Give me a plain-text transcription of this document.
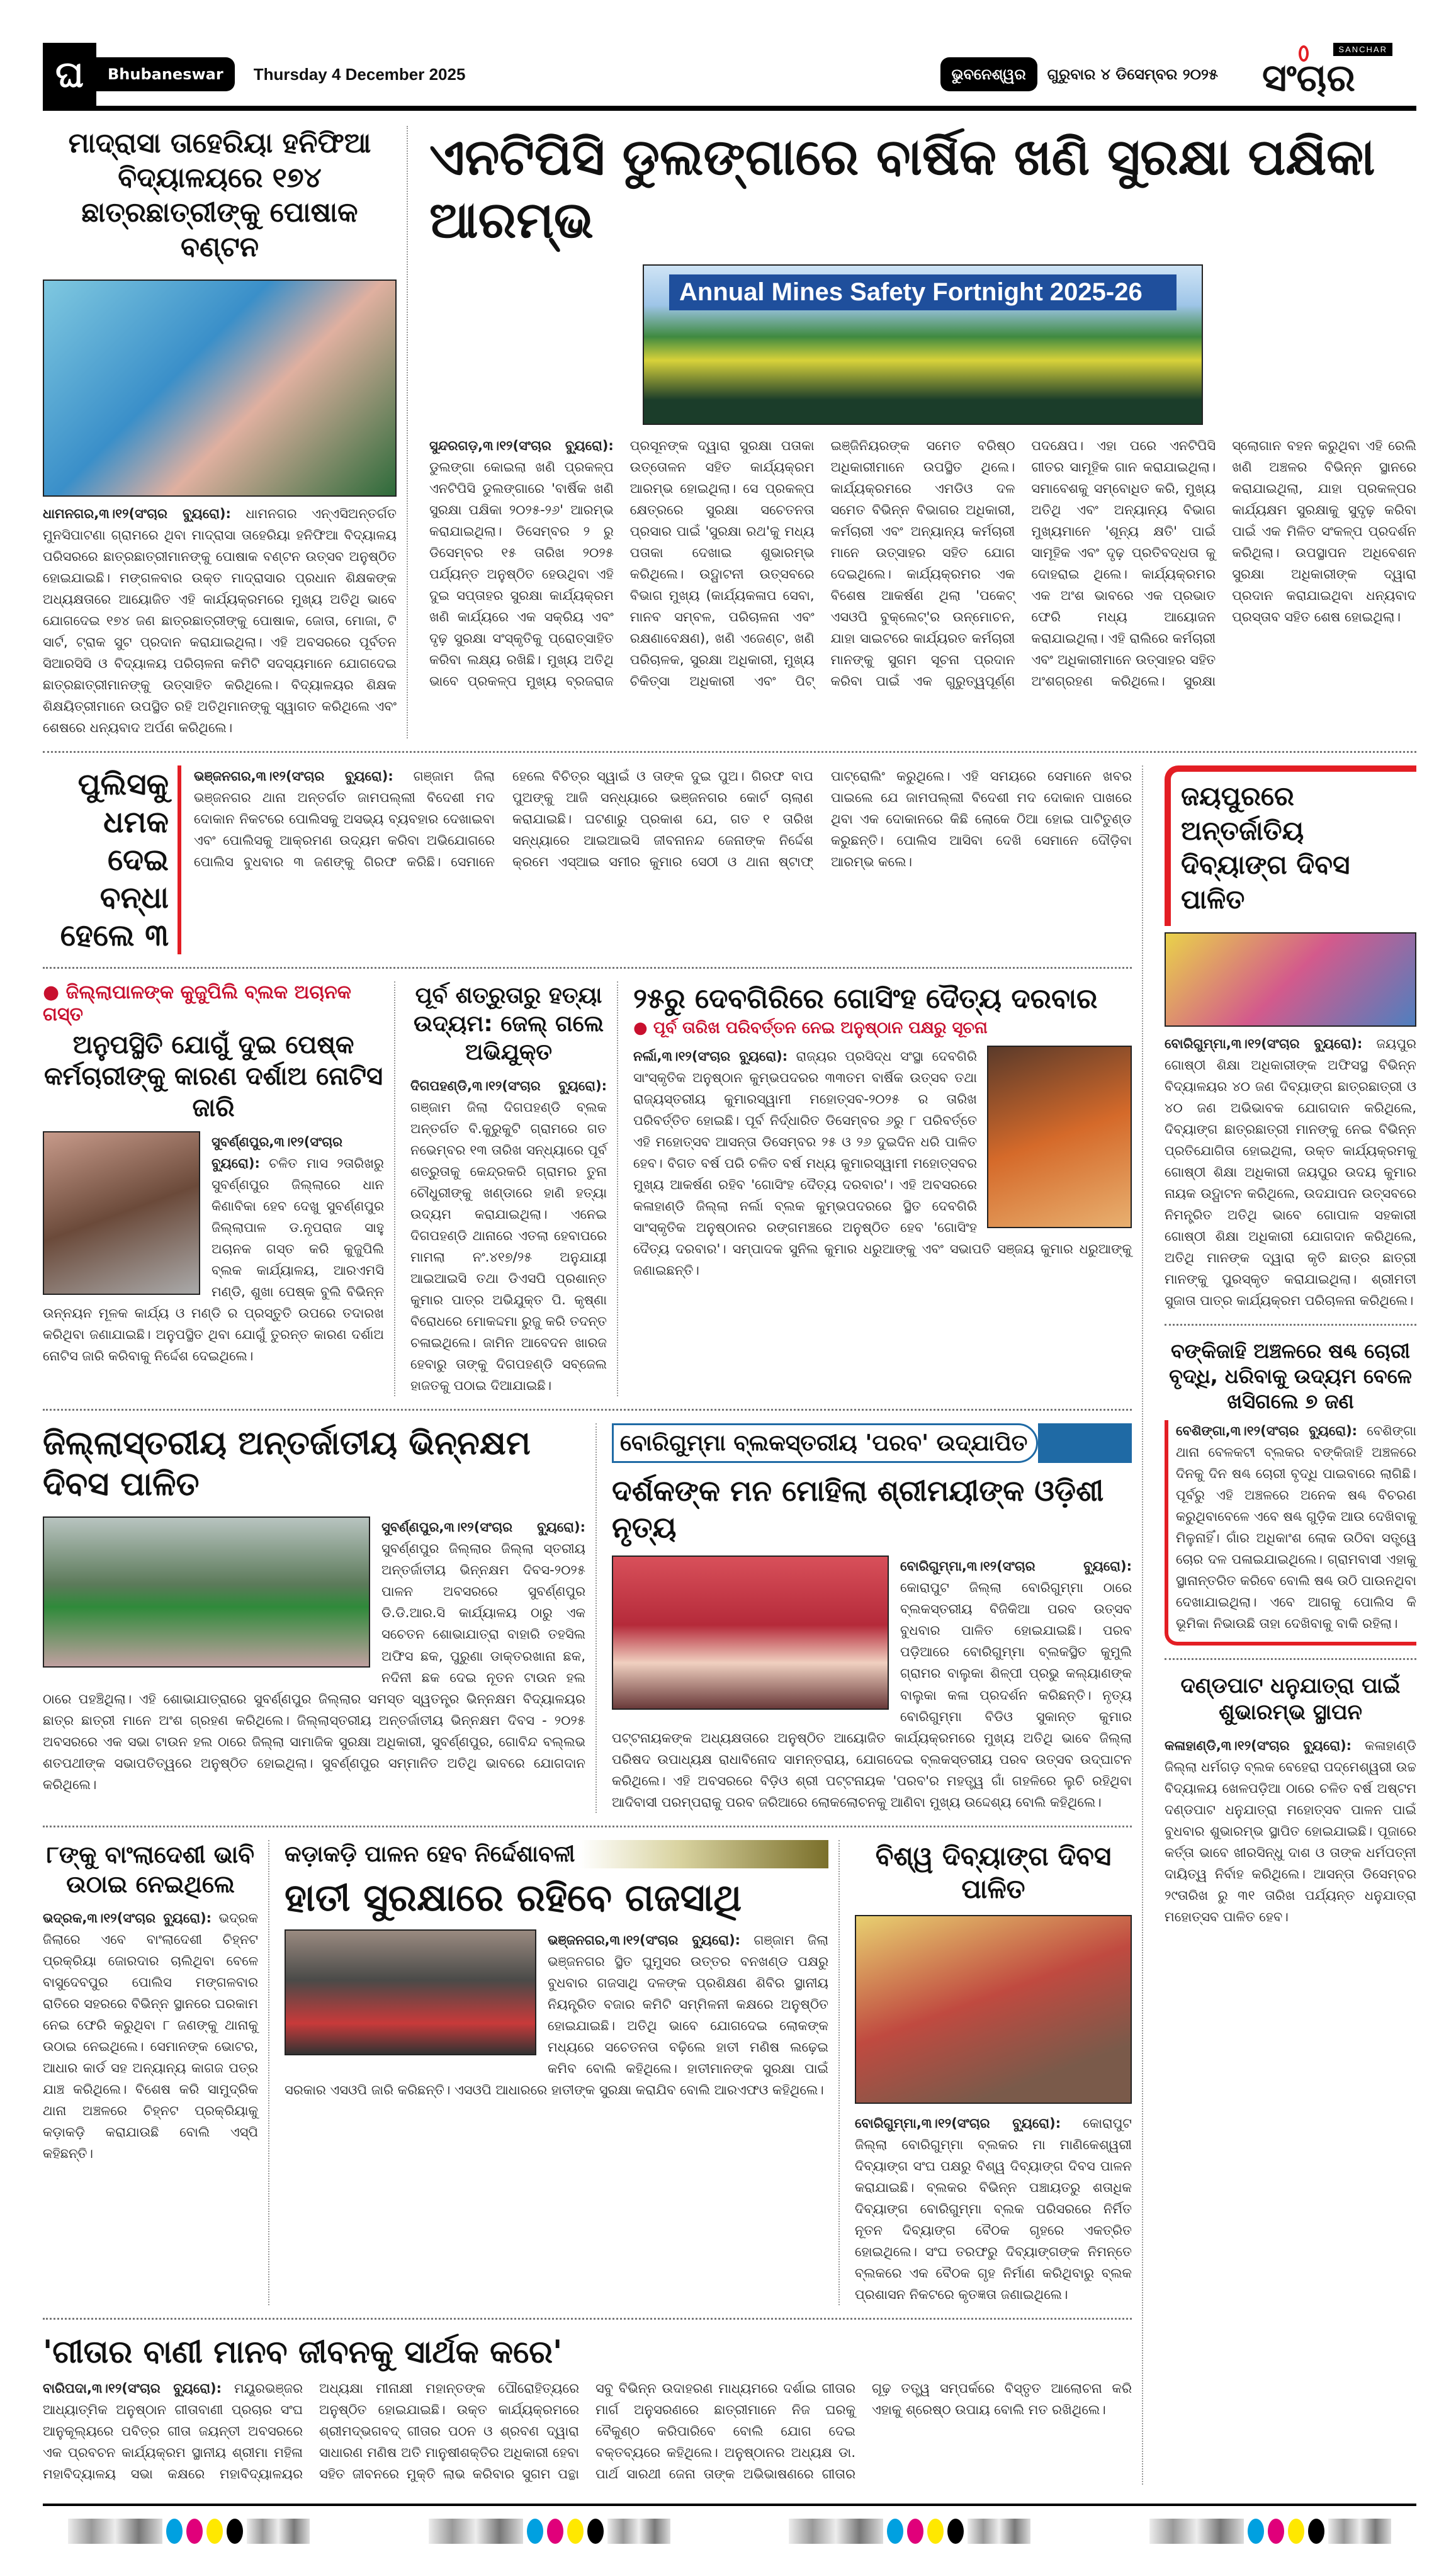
ଘ	Bhubaneswar	Thursday 4 December 2025	ଭୁବନେଶ୍ୱର	ଗୁରୁବାର ୪ ଡିସେମ୍ବର ୨୦୨୫
SANCHAR
ସଂଚାର
ମାଦ୍ରାସା ତାହେରିୟା ହନିଫିଆ ବିଦ୍ୟାଳୟରେ ୧୭୪ ଛାତ୍ରଛାତ୍ରୀଙ୍କୁ ପୋଷାକ ବଣ୍ଟନ
ଧାମନଗର,୩।୧୨(ସଂଚାର ବ୍ୟୁରୋ): ଧାମନଗର ଏନ୍‌ଏସିଅନ୍ତର୍ଗତ ମୁନସିପାଟଣା ଗ୍ରାମରେ ଥିବା ମାଦ୍ରାସା ତାହେରିୟା ହନିଫିଆ ବିଦ୍ୟାଳୟ ପରିସରରେ ଛାତ୍ରଛାତ୍ରୀମାନଙ୍କୁ ପୋଷାକ ବଣ୍ଟନ ଉତ୍ସବ ଅନୁଷ୍ଠିତ ହୋଇଯାଇଛି। ମଙ୍ଗଳବାର ଉକ୍ତ ମାଦ୍ରାସାର ପ୍ରଧାନ ଶିକ୍ଷକଙ୍କ ଅଧ୍ୟକ୍ଷତାରେ ଆୟୋଜିତ ଏହି କାର୍ଯ୍ୟକ୍ରମରେ ମୁଖ୍ୟ ଅତିଥି ଭାବେ ଯୋଗଦେଇ ୧୭୪ ଜଣ ଛାତ୍ରଛାତ୍ରୀଙ୍କୁ ପୋଷାକ, ଜୋତା, ମୋଜା, ଟି ସାର୍ଟ, ଟ୍ରାକ ସୁଟ ପ୍ରଦାନ କରାଯାଇଥିଲା। ଏହି ଅବସରରେ ପୂର୍ବତନ ସିଆରସିସି ଓ ବିଦ୍ୟାଳୟ ପରିଚାଳନା କମିଟି ସଦସ୍ୟମାନେ ଯୋଗଦେଇ ଛାତ୍ରଛାତ୍ରୀମାନଙ୍କୁ ଉତ୍ସାହିତ କରିଥିଲେ। ବିଦ୍ୟାଳୟର ଶିକ୍ଷକ ଶିକ୍ଷୟିତ୍ରୀମାନେ ଉପସ୍ଥିତ ରହି ଅତିଥିମାନଙ୍କୁ ସ୍ୱାଗତ କରିଥିଲେ ଏବଂ ଶେଷରେ ଧନ୍ୟବାଦ ଅର୍ପଣ କରିଥିଲେ।
ଏନଟିପିସି ଡୁଲଙ୍ଗାରେ ବାର୍ଷିକ ଖଣି ସୁରକ୍ଷା ପକ୍ଷିକା ଆରମ୍ଭ
Annual Mines Safety Fortnight 2025-26
ସୁନ୍ଦରଗଡ଼,୩।୧୨(ସଂଚାର ବ୍ୟୁରୋ): ଡୁଲଙ୍ଗା କୋଇଲା ଖଣି ପ୍ରକଳ୍ପ ଏନଟିପିସି ଡୁଲଙ୍ଗାରେ 'ବାର୍ଷିକ ଖଣି ସୁରକ୍ଷା ପକ୍ଷିକା ୨୦୨୫-୨୬' ଆରମ୍ଭ କରାଯାଇଥିଲା। ଡିସେମ୍ବର ୨ ରୁ ଡିସେମ୍ବର ୧୫ ତାରିଖ ୨୦୨୫ ପର୍ଯ୍ୟନ୍ତ ଅନୁଷ୍ଠିତ ହେଉଥିବା ଏହି ଦୁଇ ସପ୍ତାହର ସୁରକ୍ଷା କାର୍ଯ୍ୟକ୍ରମ ଖଣି କାର୍ଯ୍ୟରେ ଏକ ସକ୍ରିୟ ଏବଂ ଦୃଢ଼ ସୁରକ୍ଷା ସଂସ୍କୃତିକୁ ପ୍ରୋତ୍ସାହିତ କରିବା ଲକ୍ଷ୍ୟ ରଖିଛି। ମୁଖ୍ୟ ଅତିଥି ଭାବେ ପ୍ରକଳ୍ପ ମୁଖ୍ୟ ବ୍ରଜରାଜ ପ୍ରସୂନଙ୍କ ଦ୍ୱାରା ସୁରକ୍ଷା ପତାକା ଉତ୍ତୋଳନ ସହିତ କାର୍ଯ୍ୟକ୍ରମ ଆରମ୍ଭ ହୋଇଥିଲା। ସେ ପ୍ରକଳ୍ପ କ୍ଷେତ୍ରରେ ସୁରକ୍ଷା ସଚେତନତା ପ୍ରସାର ପାଇଁ 'ସୁରକ୍ଷା ରଥ'କୁ ମଧ୍ୟ ପତାକା ଦେଖାଇ ଶୁଭାରମ୍ଭ କରିଥିଲେ। ଉଦ୍ଘାଟନୀ ଉତ୍ସବରେ ବିଭାଗ ମୁଖ୍ୟ (କାର୍ଯ୍ୟକଳାପ ସେବା, ମାନବ ସମ୍ବଳ, ପରିଚାଳନା ଏବଂ ରକ୍ଷଣାବେକ୍ଷଣ), ଖଣି ଏଜେଣ୍ଟ, ଖଣି ପରିଚାଳକ, ସୁରକ୍ଷା ଅଧିକାରୀ, ମୁଖ୍ୟ ଚିକିତ୍ସା ଅଧିକାରୀ ଏବଂ ପିଟ୍ ଇଞ୍ଜିନିୟରଙ୍କ ସମେତ ବରିଷ୍ଠ ଅଧିକାରୀମାନେ ଉପସ୍ଥିତ ଥିଲେ। କାର୍ଯ୍ୟକ୍ରମରେ ଏମଡିଓ ଦଳ ସମେତ ବିଭିନ୍ନ ବିଭାଗର ଅଧିକାରୀ, କର୍ମଚାରୀ ଏବଂ ଅନ୍ୟାନ୍ୟ କର୍ମଚାରୀ ମାନେ ଉତ୍ସାହର ସହିତ ଯୋଗ ଦେଇଥିଲେ। କାର୍ଯ୍ୟକ୍ରମର ଏକ ବିଶେଷ ଆକର୍ଷଣ ଥିଲା 'ପକେଟ୍ ଏସଓପି ବୁକ୍ଲେଟ୍'ର ଉନ୍ମୋଚନ, ଯାହା ସାଇଟରେ କାର୍ଯ୍ୟରତ କର୍ମଚାରୀ ମାନଙ୍କୁ ସୁଗମ ସୂଚନା ପ୍ରଦାନ କରିବା ପାଇଁ ଏକ ଗୁରୁତ୍ୱପୂର୍ଣ୍ଣ ପଦକ୍ଷେପ। ଏହା ପରେ ଏନଟିପିସି ଗୀତର ସାମୂହିକ ଗାନ କରାଯାଇଥିଲା। ସମାବେଶକୁ ସମ୍ବୋଧିତ କରି, ମୁଖ୍ୟ ଅତିଥି ଏବଂ ଅନ୍ୟାନ୍ୟ ବିଭାଗ ମୁଖ୍ୟମାନେ 'ଶୂନ୍ୟ କ୍ଷତି' ପାଇଁ ସାମୂହିକ ଏବଂ ଦୃଢ଼ ପ୍ରତିବଦ୍ଧତା କୁ ଦୋହରାଇ ଥିଲେ। କାର୍ଯ୍ୟକ୍ରମର ଏକ ଅଂଶ ଭାବରେ ଏକ ପ୍ରଭାତ ଫେରି ମଧ୍ୟ ଆୟୋଜନ କରାଯାଇଥିଲା। ଏହି ରାଲିରେ କର୍ମଚାରୀ ଏବଂ ଅଧିକାରୀମାନେ ଉତ୍ସାହର ସହିତ ଅଂଶଗ୍ରହଣ କରିଥିଲେ। ସୁରକ୍ଷା ସ୍ଲୋଗାନ ବହନ କରୁଥିବା ଏହି ରେଲି ଖଣି ଅଞ୍ଚଳର ବିଭିନ୍ନ ସ୍ଥାନରେ କରାଯାଇଥିଲା, ଯାହା ପ୍ରକଳ୍ପର କାର୍ଯ୍ୟକ୍ଷମ ସୁରକ୍ଷାକୁ ସୁଦୃଢ଼ କରିବା ପାଇଁ ଏକ ମିଳିତ ସଂକଳ୍ପ ପ୍ରଦର୍ଶନ କରିଥିଲା। ଉପସ୍ଥାପନ ଅଧିବେଶନ ସୁରକ୍ଷା ଅଧିକାରୀଙ୍କ ଦ୍ୱାରା ପ୍ରଦାନ କରାଯାଇଥିବା ଧନ୍ୟବାଦ ପ୍ରସ୍ତାବ ସହିତ ଶେଷ ହୋଇଥିଲା।
ପୁଲିସକୁ ଧମକ ଦେଇ ବନ୍ଧା ହେଲେ ୩
ଭଞ୍ଜନଗର,୩।୧୨(ସଂଚାର ବ୍ୟୁରୋ): ଗଞ୍ଜାମ ଜିଲା ଭଞ୍ଜନଗର ଥାନା ଅନ୍ତର୍ଗତ ଜାମପଲ୍ଲୀ ବିଦେଶୀ ମଦ ଦୋକାନ ନିକଟରେ ପୋଲିସକୁ ଅସଭ୍ୟ ବ୍ୟବହାର ଦେଖାଇବା ଏବଂ ପୋଲିସକୁ ଆକ୍ରମଣ ଉଦ୍ୟମ କରିବା ଅଭିଯୋଗରେ ପୋଲିସ ବୁଧବାର ୩ ଜଣଙ୍କୁ ଗିରଫ କରିଛି। ସେମାନେ ହେଲେ ବିଚିତ୍ର ସ୍ୱାଇଁ ଓ ତାଙ୍କ ଦୁଇ ପୁଅ। ଗିରଫ ବାପ ପୁଅଙ୍କୁ ଆଜି ସନ୍ଧ୍ୟାରେ ଭଞ୍ଜନଗର କୋର୍ଟ ଚାଲାଣ କରାଯାଇଛି। ଘଟଣାରୁ ପ୍ରକାଶ ଯେ, ଗତ ୧ ତାରିଖ ସନ୍ଧ୍ୟାରେ ଆଇଆଇସି ଜୀବନାନନ୍ଦ ଜେନାଙ୍କ ନିର୍ଦ୍ଦେଶ କ୍ରମେ ଏସ୍‌ଆଇ ସମୀର କୁମାର ସେଠୀ ଓ ଥାନା ଷ୍ଟାଫ୍ ପାଟ୍ରୋଲିଂ କରୁଥିଲେ। ଏହି ସମୟରେ ସେମାନେ ଖବର ପାଇଲେ ଯେ ଜାମପଲ୍ଲୀ ବିଦେଶୀ ମଦ ଦୋକାନ ପାଖରେ ଥିବା ଏକ ଦୋକାନରେ କିଛି ଲୋକେ ଠିଆ ହୋଇ ପାଟିତୁଣ୍ଡ କରୁଛନ୍ତି। ପୋଲିସ ଆସିବା ଦେଖି ସେମାନେ ଦୌଡ଼ିବା ଆରମ୍ଭ କଲେ।
● ଜିଲ୍ଲାପାଳଙ୍କ କୁଜୁପିଲି ବ୍ଲକ ଅଚାନକ ଗସ୍ତ
ଅନୁପସ୍ଥିତି ଯୋଗୁଁ ଦୁଇ ପେଷ୍କ କର୍ମଚାରୀଙ୍କୁ କାରଣ ଦର୍ଶାଅ ନୋଟିସ ଜାରି
ସୁବର୍ଣ୍ଣପୁର,୩।୧୨(ସଂଚାର ବ୍ୟୁରୋ): ଚଳିତ ମାସ ୨ତାରିଖରୁ ସୁବର୍ଣ୍ଣପୁର ଜିଲ୍ଲାରେ ଧାନ କିଣାବିକା ହେବ ଦେଖୁ ସୁବର୍ଣ୍ଣପୁର ଜିଲ୍ଲାପାଳ ଡ.ନୃପରାଜ ସାହୁ ଅଚାନକ ଗସ୍ତ କରି କୁଜୁପିଲି ବ୍ଲକ କାର୍ଯ୍ୟାଳୟ, ଆରଏମସି ମଣ୍ଡି, ଶୁଖା ପେଷ୍କ ବୁଲି ବିଭିନ୍ନ ଉନ୍ନୟନ ମୂଳକ କାର୍ଯ୍ୟ ଓ ମଣ୍ଡି ର ପ୍ରସ୍ତୁତି ଉପରେ ତଦାରଖ କରିଥିବା ଜଣାଯାଇଛି। ଅନୁପସ୍ଥିତ ଥିବା ଯୋଗୁଁ ତୁରନ୍ତ କାରଣ ଦର୍ଶାଅ ନୋଟିସ ଜାରି କରିବାକୁ ନିର୍ଦ୍ଦେଶ ଦେଇଥିଲେ।
ପୂର୍ବ ଶତ୍ରୁତାରୁ ହତ୍ୟା ଉଦ୍ୟମ: ଜେଲ୍ ଗଲେ ଅଭିଯୁକ୍ତ
ଦିଗପହଣ୍ଡି,୩।୧୨(ସଂଚାର ବ୍ୟୁରୋ): ଗଞ୍ଜାମ ଜିଲା ଦିଗପହଣ୍ଡି ବ୍ଲକ ଅନ୍ତର୍ଗତ ବି.କୁରୁକୁଟି ଗ୍ରାମରେ ଗତ ନଭେମ୍ବର ୧୩ ତାରିଖ ସନ୍ଧ୍ୟାରେ ପୂର୍ବ ଶତ୍ରୁତାକୁ କେନ୍ଦ୍ରକରି ଗ୍ରାମର ତୁନା ଚୌଧୁରୀଙ୍କୁ ଖଣ୍ଡାରେ ହାଣି ହତ୍ୟା ଉଦ୍ୟମ କରାଯାଇଥିଲା। ଏନେଇ ଦିଗପହଣ୍ଡି ଥାନାରେ ଏତଲା ହେବାପରେ ମାମଲା ନଂ.୪୧୭/୨୫ ଅନୁଯାୟୀ ଆଇଆଇସି ତଥା ଡିଏସପି ପ୍ରଶାନ୍ତ କୁମାର ପାତ୍ର ଅଭିଯୁକ୍ତ ପି. କୃଷ୍ଣା ବିରୋଧରେ ମୋକଦ୍ଦମା ରୁଜୁ କରି ତଦନ୍ତ ଚଳାଇଥିଲେ। ଜାମିନ ଆବେଦନ ଖାରଜ ହେବାରୁ ତାଙ୍କୁ ଦିଗପହଣ୍ଡି ସବ୍‌ଜେଲ ହାଜତକୁ ପଠାଇ ଦିଆଯାଇଛି।
୨୫ରୁ ଦେବଗିରିରେ ଗୋସିଂହ ଦୈତ୍ୟ ଦରବାର
● ପୂର୍ବ ତାରିଖ ପରିବର୍ତ୍ତନ ନେଇ ଅନୁଷ୍ଠାନ ପକ୍ଷରୁ ସୂଚନା
ନର୍ଲା,୩।୧୨(ସଂଚାର ବ୍ୟୁରୋ): ରାଜ୍ୟର ପ୍ରସିଦ୍ଧ ସଂସ୍ଥା ଦେବଗିରି ସାଂସ୍କୃତିକ ଅନୁଷ୍ଠାନ କୁମ୍ଭପଦରର ୩୩ତମ ବାର୍ଷିକ ଉତ୍ସବ ତଥା ରାଜ୍ୟସ୍ତରୀୟ କୁମାରସ୍ୱାମୀ ମହୋତ୍ସବ-୨୦୨୫ ର ତାରିଖ ପରିବର୍ତ୍ତିତ ହୋଇଛି। ପୂର୍ବ ନିର୍ଦ୍ଧାରିତ ଡିସେମ୍ବର ୬ରୁ ୮ ପରିବର୍ତ୍ତେ ଏହି ମହୋତ୍ସବ ଆସନ୍ତା ଡିସେମ୍ବର ୨୫ ଓ ୨୬ ଦୁଇଦିନ ଧରି ପାଳିତ ହେବ। ବିଗତ ବର୍ଷ ପରି ଚଳିତ ବର୍ଷ ମଧ୍ୟ କୁମାରସ୍ୱାମୀ ମହୋତ୍ସବର ମୁଖ୍ୟ ଆକର୍ଷଣ ରହିବ 'ଗୋସିଂହ ଦୈତ୍ୟ ଦରବାର'। ଏହି ଅବସରରେ କଳାହାଣ୍ଡି ଜିଲ୍ଲା ନର୍ଲା ବ୍ଲକ କୁମ୍ଭପଦରରେ ସ୍ଥିତ ଦେବଗିରି ସାଂସ୍କୃତିକ ଅନୁଷ୍ଠାନର ରଙ୍ଗମଞ୍ଚରେ ଅନୁଷ୍ଠିତ ହେବ 'ଗୋସିଂହ ଦୈତ୍ୟ ଦରବାର'। ସମ୍ପାଦକ ସୁନିଲ କୁମାର ଧରୁଆଙ୍କୁ ଏବଂ ସଭାପତି ସଞ୍ଜୟ କୁମାର ଧରୁଆଙ୍କୁ ଜଣାଇଛନ୍ତି।
ଜିଲ୍ଲାସ୍ତରୀୟ ଅନ୍ତର୍ଜାତୀୟ ଭିନ୍ନକ୍ଷମ ଦିବସ ପାଳିତ
ସୁବର୍ଣ୍ଣପୁର,୩।୧୨(ସଂଚାର ବ୍ୟୁରୋ): ସୁବର୍ଣ୍ଣପୁର ଜିଲ୍ଲାର ଜିଲ୍ଲା ସ୍ତରୀୟ ଅନ୍ତର୍ଜାତୀୟ ଭିନ୍ନକ୍ଷମ ଦିବସ-୨୦୨୫ ପାଳନ ଅବସରରେ ସୁବର୍ଣ୍ଣପୁର ଡି.ଡି.ଆର.ସି କାର୍ଯ୍ୟାଳୟ ଠାରୁ ଏକ ସଚେତନ ଶୋଭାଯାତ୍ରା ବାହାରି ତହସିଲ ଅଫିସ ଛକ, ପୁରୁଣା ଡାକ୍ତରଖାନା ଛକ, ନଦିନୀ ଛକ ଦେଇ ନୂତନ ଟାଉନ ହଲ ଠାରେ ପହଞ୍ଚିଥିଲା। ଏହି ଶୋଭାଯାତ୍ରାରେ ସୁବର୍ଣ୍ଣପୁର ଜିଲ୍ଲାର ସମସ୍ତ ସ୍ୱତନ୍ତ୍ର ଭିନ୍ନକ୍ଷମ ବିଦ୍ୟାଳୟର ଛାତ୍ର ଛାତ୍ରୀ ମାନେ ଅଂଶ ଗ୍ରହଣ କରିଥିଲେ। ଜିଲ୍ଲାସ୍ତରୀୟ ଅନ୍ତର୍ଜାତୀୟ ଭିନ୍ନକ୍ଷମ ଦିବସ - ୨୦୨୫ ଅବସରରେ ଏକ ସଭା ଟାଉନ ହଲ ଠାରେ ଜିଲ୍ଲା ସାମାଜିକ ସୁରକ୍ଷା ଅଧିକାରୀ, ସୁବର୍ଣ୍ଣପୁର, ଗୋବିନ୍ଦ ବଲ୍ଲଭ ଶତପଥୀଙ୍କ ସଭାପତିତ୍ୱରେ ଅନୁଷ୍ଠିତ ହୋଇଥିଲା। ସୁବର୍ଣ୍ଣପୁର ସମ୍ମାନିତ ଅତିଥି ଭାବରେ ଯୋଗଦାନ କରିଥିଲେ।
ବୋରିଗୁମ୍ମା ବ୍ଲକସ୍ତରୀୟ 'ପରବ' ଉଦ୍‌ଯାପିତ
ଦର୍ଶକଙ୍କ ମନ ମୋହିଲା ଶ୍ରୀମୟୀଙ୍କ ଓଡ଼ିଶୀ ନୃତ୍ୟ
ବୋରିଗୁମ୍ମା,୩।୧୨(ସଂଚାର ବ୍ୟୁରୋ): କୋରାପୁଟ ଜିଲ୍ଲା ବୋରିଗୁମ୍ମା ଠାରେ ବ୍ଲକସ୍ତରୀୟ ବିଜିକିଆ ପରବ ଉତ୍ସବ ବୁଧବାର ପାଳିତ ହୋଇଯାଇଛି। ପରବ ପଡ଼ିଆରେ ବୋରିଗୁମ୍ମା ବ୍ଲକସ୍ଥିତ କୁମୁଲି ଗ୍ରାମର ବାଲୁକା ଶିଳ୍ପୀ ପ୍ରଭୁ କଲ୍ୟାଣଙ୍କ ବାଲୁକା କଳା ପ୍ରଦର୍ଶନ କରିଛନ୍ତି। ନୃତ୍ୟ ବୋରିଗୁମ୍ମା ବିଡିଓ ସୁକାନ୍ତ କୁମାର ପଟ୍ଟନାୟକଙ୍କ ଅଧ୍ୟକ୍ଷତାରେ ଅନୁଷ୍ଠିତ ଆୟୋଜିତ କାର୍ଯ୍ୟକ୍ରମରେ ମୁଖ୍ୟ ଅତିଥି ଭାବେ ଜିଲ୍ଲା ପରିଷଦ ଉପାଧ୍ୟକ୍ଷ ରାଧାବିନୋଦ ସାମନ୍ତରାୟ, ଯୋଗଦେଇ ବ୍ଲକସ୍ତରୀୟ ପରବ ଉତ୍ସବ ଉଦ୍‌ଘାଟନ କରିଥିଲେ। ଏହି ଅବସରରେ ବିଡ଼ିଓ ଶ୍ରୀ ପଟ୍ଟନାୟକ 'ପରବ'ର ମହତ୍ତ୍ୱ ଗାଁ ଗହଳିରେ ଲୁଚି ରହିଥିବା ଆଦିବାସୀ ପରମ୍ପରାକୁ ପରବ ଜରିଆରେ ଲୋକଲୋଚନକୁ ଆଣିବା ମୁଖ୍ୟ ଉଦ୍ଦେଶ୍ୟ ବୋଲି କହିଥିଲେ।
୮ଙ୍କୁ ବାଂଲାଦେଶୀ ଭାବି ଉଠାଇ ନେଇଥିଲେ
ଭଦ୍ରକ,୩।୧୨(ସଂଚାର ବ୍ୟୁରୋ): ଭଦ୍ରକ ଜିଲାରେ ଏବେ ବାଂଲାଦେଶୀ ଚିହ୍ନଟ ପ୍ରକ୍ରିୟା ଜୋରଦାର ଚାଲିଥିବା ବେଳେ ବାସୁଦେବପୁର ପୋଲିସ ମଙ୍ଗଳବାର ରାତିରେ ସହରରେ ବିଭିନ୍ନ ସ୍ଥାନରେ ଘରକାମ ନେଇ ଫେରି କରୁଥିବା ୮ ଜଣଙ୍କୁ ଥାନାକୁ ଉଠାଇ ନେଇଥିଲେ। ସେମାନଙ୍କ ଭୋଟର, ଆଧାର କାର୍ଡ ସହ ଅନ୍ୟାନ୍ୟ କାଗଜ ପତ୍ର ଯାଞ୍ଚ କରିଥିଲେ। ବିଶେଷ କରି ସାମୁଦ୍ରିକ ଥାନା ଅଞ୍ଚଳରେ ଚିହ୍ନଟ ପ୍ରକ୍ରିୟାକୁ କଡ଼ାକଡ଼ି କରାଯାଉଛି ବୋଲି ଏସ୍‌ପି କହିଛନ୍ତି।
କଡ଼ାକଡ଼ି ପାଳନ ହେବ ନିର୍ଦ୍ଦେଶାବଳୀ
ହାତୀ ସୁରକ୍ଷାରେ ରହିବେ ଗଜସାଥି
ଭଞ୍ଜନଗର,୩।୧୨(ସଂଚାର ବ୍ୟୁରୋ): ଗଞ୍ଜାମ ଜିଲା ଭଞ୍ଜନଗର ସ୍ଥିତ ଘୁମୁସର ଉତ୍ତର ବନଖଣ୍ଡ ପକ୍ଷରୁ ବୁଧବାର ଗଜସାଥି ଦଳଙ୍କ ପ୍ରଶିକ୍ଷଣ ଶିବିର ସ୍ଥାନୀୟ ନିୟନ୍ତ୍ରିତ ବଜାର କମିଟି ସମ୍ମିଳନୀ କକ୍ଷରେ ଅନୁଷ୍ଠିତ ହୋଇଯାଇଛି। ଅତିଥି ଭାବେ ଯୋଗଦେଇ ଲୋକଙ୍କ ମଧ୍ୟରେ ସଚେତନତା ବଢ଼ିଲେ ହାତୀ ମଣିଷ ଲଢ଼େଇ କମିବ ବୋଲି କହିଥିଲେ। ହାତୀମାନଙ୍କ ସୁରକ୍ଷା ପାଇଁ ସରକାର ଏସଓପି ଜାରି କରିଛନ୍ତି। ଏସଓପି ଆଧାରରେ ହାତୀଙ୍କ ସୁରକ୍ଷା କରାଯିବ ବୋଲି ଆରଏଫଓ କହିଥିଲେ।
ବିଶ୍ୱ ଦିବ୍ୟାଙ୍ଗ ଦିବସ ପାଳିତ
ବୋରିଗୁମ୍ମା,୩।୧୨(ସଂଚାର ବ୍ୟୁରୋ): କୋରାପୁଟ ଜିଲ୍ଲା ବୋରିଗୁମ୍ମା ବ୍ଲକର ମା ମାଣିକେଶ୍ୱରୀ ଦିବ୍ୟାଙ୍ଗ ସଂଘ ପକ୍ଷରୁ ବିଶ୍ୱ ଦିବ୍ୟାଙ୍ଗ ଦିବସ ପାଳନ କରାଯାଇଛି। ବ୍ଲକର ବିଭିନ୍ନ ପଞ୍ଚାୟତରୁ ଶତାଧିକ ଦିବ୍ୟାଙ୍ଗ ବୋରିଗୁମ୍ମା ବ୍ଲକ ପରିସରରେ ନିର୍ମିତ ନୂତନ ଦିବ୍ୟାଙ୍ଗ ବୈଠକ ଗୃହରେ ଏକତ୍ରିତ ହୋଇଥିଲେ। ସଂଘ ତରଫରୁ ଦିବ୍ୟାଙ୍ଗଙ୍କ ନିମନ୍ତେ ବ୍ଲକରେ ଏକ ବୈଠକ ଗୃହ ନିର୍ମାଣ କରିଥିବାରୁ ବ୍ଲକ ପ୍ରଶାସନ ନିକଟରେ କୃତଜ୍ଞତା ଜଣାଇଥିଲେ।
'ଗୀତାର ବାଣୀ ମାନବ ଜୀବନକୁ ସାର୍ଥକ କରେ'
ବାରିପଦା,୩।୧୨(ସଂଚାର ବ୍ୟୁରୋ): ମୟୂରଭଞ୍ଜର ଆଧ୍ୟାତ୍ମିକ ଅନୁଷ୍ଠାନ ଗୀତାବାଣୀ ପ୍ରଚାର ସଂଘ ଆନୁକୂଲ୍ୟରେ ପବିତ୍ର ଗୀତା ଜୟନ୍ତୀ ଅବସରରେ ଏକ ପ୍ରବଚନ କାର୍ଯ୍ୟକ୍ରମ ସ୍ଥାନୀୟ ଶ୍ରୀମା ମହିଳା ମହାବିଦ୍ୟାଳୟ ସଭା କକ୍ଷରେ ମହାବିଦ୍ୟାଳୟର ଅଧ୍ୟକ୍ଷା ମୀନାକ୍ଷୀ ମହାନ୍ତଙ୍କ ପୌରୋହିତ୍ୟରେ ଅନୁଷ୍ଠିତ ହୋଇଯାଇଛି। ଉକ୍ତ କାର୍ଯ୍ୟକ୍ରମରେ ଶ୍ରୀମଦ୍‌ଭଗବଦ୍ ଗୀତାର ପଠନ ଓ ଶ୍ରବଣ ଦ୍ୱାରା ସାଧାରଣ ମଣିଷ ଅତି ମାନୁଷୀଶକ୍ତିର ଅଧିକାରୀ ହେବା ସହିତ ଜୀବନରେ ମୁକ୍ତି ଲାଭ କରିବାର ସୁଗମ ପନ୍ଥା ସବୁ ବିଭିନ୍ନ ଉଦାହରଣ ମାଧ୍ୟମରେ ଦର୍ଶାଇ ଗୀତାର ମାର୍ଗ ଅନୁସରଣରେ ଛାତ୍ରୀମାନେ ନିଜ ଘରକୁ ବୈକୁଣ୍ଠ କରିପାରିବେ ବୋଲି ଯୋଗ ଦେଇ ବକ୍ତବ୍ୟରେ କହିଥିଲେ। ଅନୁଷ୍ଠାନର ଅଧ୍ୟକ୍ଷ ଡା. ପାର୍ଥ ସାରଥୀ ଜେନା ତାଙ୍କ ଅଭିଭାଷଣରେ ଗୀତାର ଗୂଢ଼ ତତ୍ତ୍ୱ ସମ୍ପର୍କରେ ବିସ୍ତୃତ ଆଲୋଚନା କରି ଏହାକୁ ଶ୍ରେଷ୍ଠ ଉପାୟ ବୋଲି ମତ ରଖିଥିଲେ।
ଜୟପୁରରେ ଅନ୍ତର୍ଜାତିୟ ଦିବ୍ୟାଙ୍ଗ ଦିବସ ପାଳିତ
ବୋରିଗୁମ୍ମା,୩।୧୨(ସଂଚାର ବ୍ୟୁରୋ): ଜୟପୁର ଗୋଷ୍ଠୀ ଶିକ୍ଷା ଅଧିକାରୀଙ୍କ ଅଫିସସ୍ଥ ବିଭିନ୍ନ ବିଦ୍ୟାଳୟର ୪୦ ଜଣ ଦିବ୍ୟାଙ୍ଗ ଛାତ୍ରଛାତ୍ରୀ ଓ ୪୦ ଜଣ ଅଭିଭାବକ ଯୋଗଦାନ କରିଥିଲେ, ଦିବ୍ୟାଙ୍ଗ ଛାତ୍ରଛାତ୍ରୀ ମାନଙ୍କୁ ନେଇ ବିଭିନ୍ନ ପ୍ରତିଯୋଗିତା ହୋଇଥିଲା, ଉକ୍ତ କାର୍ଯ୍ୟକ୍ରମକୁ ଗୋଷ୍ଠୀ ଶିକ୍ଷା ଅଧିକାରୀ ଜୟପୁର ଉଦୟ କୁମାର ନାୟକ ଉଦ୍ଘାଟନ କରିଥିଲେ, ଉଦଯାପନ ଉତ୍ସବରେ ନିମନ୍ତ୍ରିତ ଅତିଥି ଭାବେ ଗୋପାଳ ସହକାରୀ ଗୋଷ୍ଠୀ ଶିକ୍ଷା ଅଧିକାରୀ ଯୋଗଦାନ କରିଥିଲେ, ଅତିଥି ମାନଙ୍କ ଦ୍ୱାରା କୃତି ଛାତ୍ର ଛାତ୍ରୀ ମାନଙ୍କୁ ପୁରସ୍କୃତ କରାଯାଇଥିଲା। ଶ୍ରୀମତୀ ସୁଜାତା ପାତ୍ର କାର୍ଯ୍ୟକ୍ରମ ପରିଚାଳନା କରିଥିଲେ।
ବଙ୍କିଜାହି ଅଞ୍ଚଳରେ ଷଣ୍ଢ ଚୋରୀ ବୃଦ୍ଧି, ଧରିବାକୁ ଉଦ୍ୟମ ବେଳେ ଖସିଗଲେ ୭ ଜଣ
ବେଶିଙ୍ଗା,୩।୧୨(ସଂଚାର ବ୍ୟୁରୋ): ବେଶିଙ୍ଗା ଥାନା ବେଳକଟୀ ବ୍ଲକର ବଙ୍କିଜାହି ଅଞ୍ଚଳରେ ଦିନକୁ ଦିନ ଷଣ୍ଢ ଚୋରୀ ବୃଦ୍ଧି ପାଇବାରେ ଲାଗିଛି। ପୂର୍ବରୁ ଏହି ଅଞ୍ଚଳରେ ଅନେକ ଷଣ୍ଢ ବିଚରଣ କରୁଥିବାବେଳେ ଏବେ ଷଣ୍ଢ ଗୁଡ଼ିକ ଆଉ ଦେଖିବାକୁ ମିଳୁନାହିଁ। ଗାଁର ଅଧିକାଂଶ ଲୋକ ଉଠିବା ସତ୍ତ୍ୱେ ଚୋର ଦଳ ପଳାଇଯାଇଥିଲେ। ଗ୍ରାମବାସୀ ଏହାକୁ ସ୍ଥାନାନ୍ତରିତ କରିବେ ବୋଲି ଷଣ୍ଢ ଉଠି ପାଉନଥିବା ଦେଖାଯାଇଥିଲା। ଏବେ ଆଗକୁ ପୋଲିସ କି ଭୂମିକା ନିଭାଉଛି ତାହା ଦେଖିବାକୁ ବାକି ରହିଲା।
ଦଣ୍ଡପାଟ ଧନୁଯାତ୍ରା ପାଇଁ ଶୁଭାରମ୍ଭ ସ୍ଥାପନ
କଳାହାଣ୍ଡି,୩।୧୨(ସଂଚାର ବ୍ୟୁରୋ): କଳାହାଣ୍ଡି ଜିଲ୍ଲା ଧର୍ମଗଡ଼ ବ୍ଲକ ବେହେରା ପଦ୍ମେଶ୍ୱରୀ ଉଚ୍ଚ ବିଦ୍ୟାଳୟ ଖେଳପଡ଼ିଆ ଠାରେ ଚଳିତ ବର୍ଷ ଅଷ୍ଟମ ଦଣ୍ଡପାଟ ଧନୁଯାତ୍ରା ମହୋତ୍ସବ ପାଳନ ପାଇଁ ବୁଧବାର ଶୁଭାରମ୍ଭ ସ୍ଥାପିତ ହୋଇଯାଇଛି। ପୂଜାରେ କର୍ତ୍ତା ଭାବେ ଖୀରସିନ୍ଧୁ ଦାଶ ଓ ତାଙ୍କ ଧର୍ମପତ୍ନୀ ଦାୟିତ୍ୱ ନିର୍ବାହ କରିଥିଲେ। ଆସନ୍ତା ଡିସେମ୍ବର ୨୯ତାରିଖ ରୁ ୩୧ ତାରିଖ ପର୍ଯ୍ୟନ୍ତ ଧନୁଯାତ୍ରା ମହୋତ୍ସବ ପାଳିତ ହେବ।
